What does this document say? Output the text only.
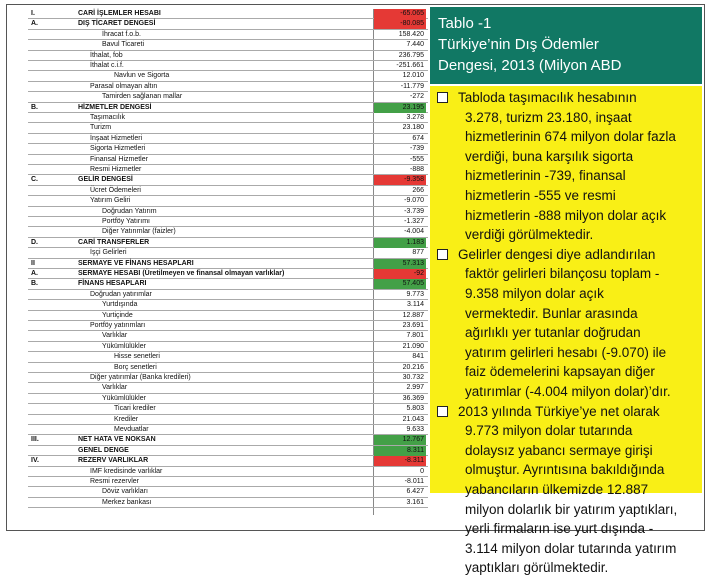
I.	CARİ İŞLEMLER HESABI	-65.065
A.	DIŞ TİCARET DENGESİ	-80.085
İhracat f.o.b.	158.420
Bavul Ticareti	7.440
İthalat, fob	236.795
İthalat c.i.f.	-251.661
Navlun ve Sigorta	12.010
Parasal olmayan altın	-11.779
Tamirden sağlanan mallar	-272
B.	HİZMETLER DENGESİ	23.195
Taşımacılık	3.278
Turizm	23.180
İnşaat Hizmetleri	674
Sigorta Hizmetleri	-739
Finansal Hizmetler	-555
Resmi Hizmetler	-888
C.	GELİR DENGESİ	-9.358
Ücret Ödemeleri	266
Yatırım Geliri	-9.070
Doğrudan Yatırım	-3.739
Portföy Yatırımı	-1.327
Diğer Yatırımlar (faizler)	-4.004
D.	CARİ TRANSFERLER	1.183
İşçi Gelirleri	877
II	SERMAYE VE FİNANS HESAPLARI	57.313
A.	SERMAYE HESABI (Üretilmeyen ve finansal olmayan varlıklar)	-92
B.	FİNANS HESAPLARI	57.405
Doğrudan yatırımlar	9.773
Yurtdışında	3.114
Yurtiçinde	12.887
Portföy yatırımları	23.691
Varlıklar	7.801
Yükümlülükler	21.090
Hisse senetleri	841
Borç senetleri	20.216
Diğer yatırımlar (Banka kredileri)	30.732
Varlıklar	2.997
Yükümlülükler	36.369
Ticari krediler	5.803
Krediler	21.043
Mevduatlar	9.633
III.	NET HATA VE NOKSAN	12.767
GENEL DENGE	8.311
IV.	REZERV VARLIKLAR	-8.311
IMF kredisinde varlıklar	0
Resmi rezervler	-8.011
Döviz varlıkları	6.427
Merkez bankası	3.161
Tablo -1
Türkiye’nin Dış Ödemler
Dengesi, 2013 (Milyon ABD
Tabloda taşımacılık hesabının
3.278, turizm 23.180, inşaat
hizmetlerinin 674 milyon dolar fazla
verdiği, buna karşılık sigorta
hizmetlerinin -739, finansal
hizmetlerin -555 ve resmi
hizmetlerin -888 milyon dolar açık
verdiği görülmektedir.
Gelirler dengesi diye adlandırılan
faktör gelirleri bilançosu toplam -
9.358 milyon dolar açık
vermektedir. Bunlar arasında
ağırlıklı yer tutanlar doğrudan
yatırım gelirleri hesabı (-9.070) ile
faiz ödemelerini kapsayan diğer
yatırımlar (-4.004 milyon dolar)’dır.
2013 yılında Türkiye’ye net olarak
9.773 milyon dolar tutarında
dolaysız yabancı sermaye girişi
olmuştur. Ayrıntısına bakıldığında
yabancıların ülkemizde 12.887
milyon dolarlık bir yatırım yaptıkları,
yerli firmaların ise yurt dışında -
3.114 milyon dolar tutarında yatırım
yaptıkları görülmektedir.
